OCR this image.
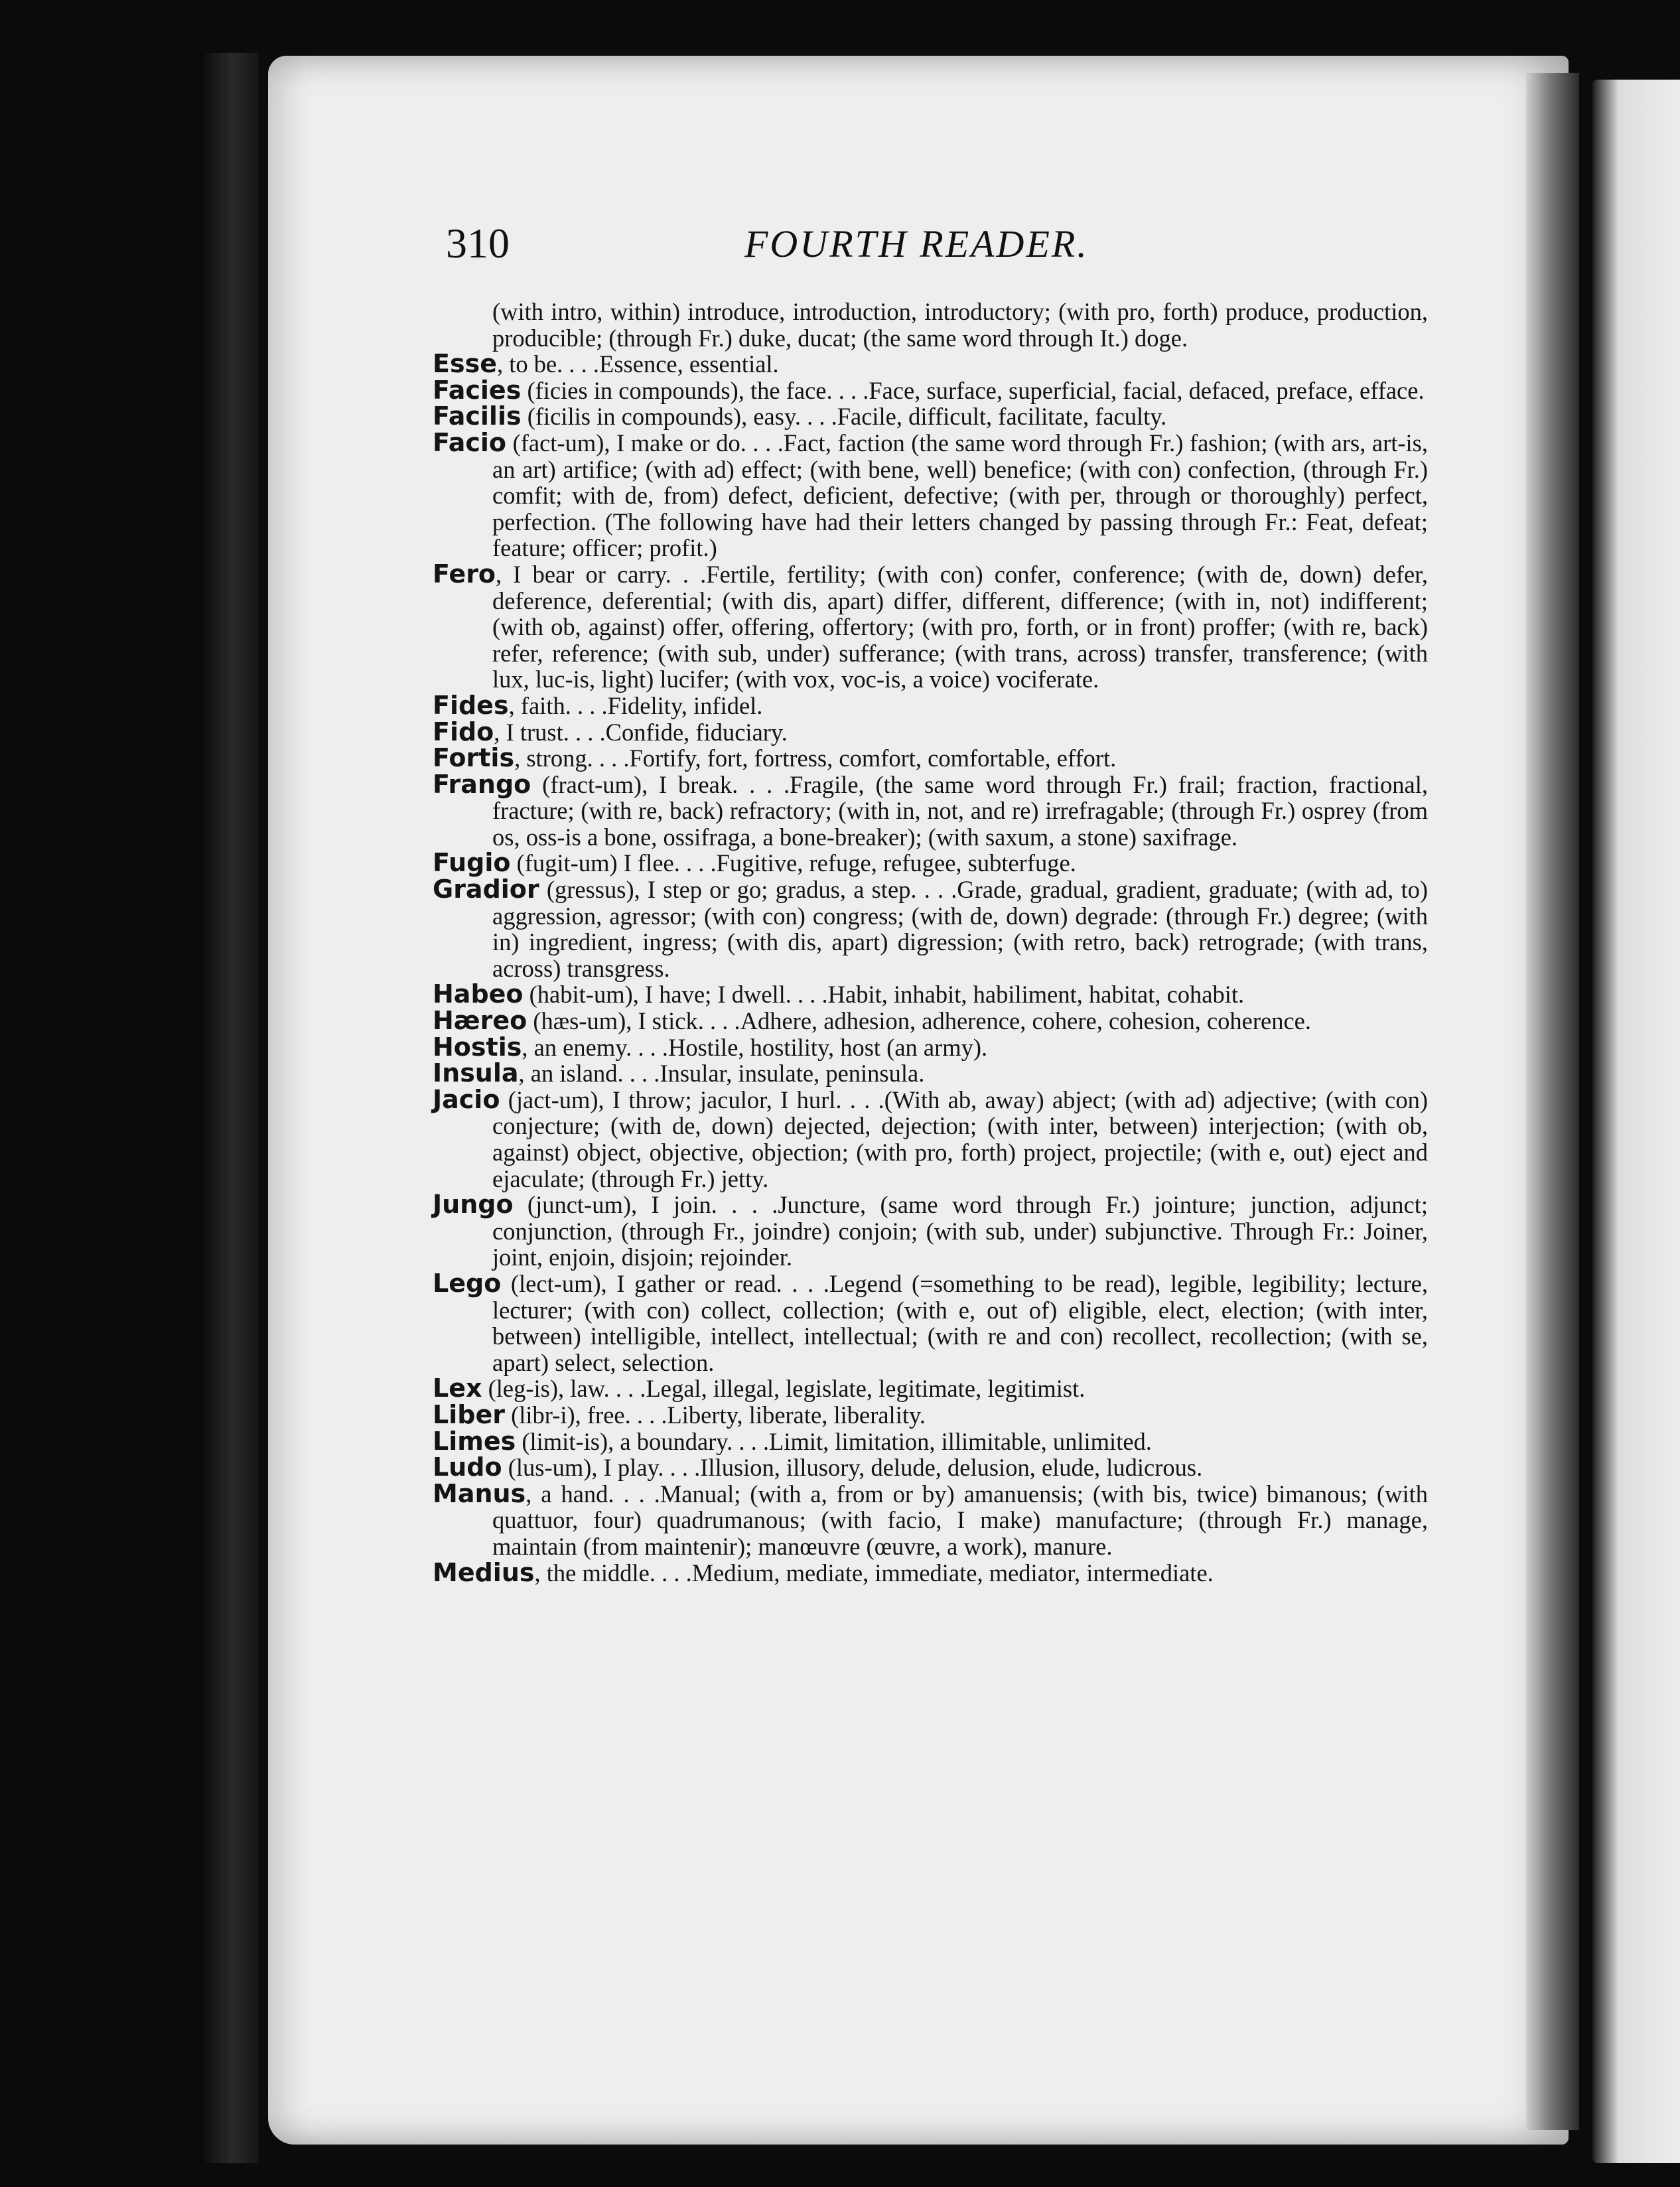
310	FOURTH READER.

(with intro, within) introduce, introduction, introductory; (with pro, forth) produce, production, producible; (through Fr.) duke, ducat; (the same word through It.) doge.

Esse, to be. . . .Essence, essential.

Facies (ficies in compounds), the face. . . .Face, surface, superficial, facial, defaced, preface, efface.

Facilis (ficilis in compounds), easy. . . .Facile, difficult, facilitate, faculty.

Facio (fact-um), I make or do. . . .Fact, faction (the same word through Fr.) fashion; (with ars, art-is, an art) artifice; (with ad) effect; (with bene, well) benefice; (with con) confection, (through Fr.) comfit; with de, from) defect, deficient, defective; (with per, through or thoroughly) perfect, perfection. (The following have had their letters changed by passing through Fr.: Feat, defeat; feature; officer; profit.)

Fero, I bear or carry. . .Fertile, fertility; (with con) confer, conference; (with de, down) defer, deference, deferential; (with dis, apart) differ, different, difference; (with in, not) indifferent; (with ob, against) offer, offering, offertory; (with pro, forth, or in front) proffer; (with re, back) refer, reference; (with sub, under) sufferance; (with trans, across) transfer, transference; (with lux, luc-is, light) lucifer; (with vox, voc-is, a voice) vociferate.

Fides, faith. . . .Fidelity, infidel.

Fido, I trust. . . .Confide, fiduciary.

Fortis, strong. . . .Fortify, fort, fortress, comfort, comfortable, effort.

Frango (fract-um), I break. . . .Fragile, (the same word through Fr.) frail; fraction, fractional, fracture; (with re, back) refractory; (with in, not, and re) irrefragable; (through Fr.) osprey (from os, oss-is a bone, ossifraga, a bone-breaker); (with saxum, a stone) saxifrage.

Fugio (fugit-um) I flee. . . .Fugitive, refuge, refugee, subterfuge.

Gradior (gressus), I step or go; gradus, a step. . . .Grade, gradual, gradient, graduate; (with ad, to) aggression, agressor; (with con) congress; (with de, down) degrade: (through Fr.) degree; (with in) ingredient, ingress; (with dis, apart) digression; (with retro, back) retrograde; (with trans, across) transgress.

Habeo (habit-um), I have; I dwell. . . .Habit, inhabit, habiliment, habitat, cohabit.

Hæreo (hæs-um), I stick. . . .Adhere, adhesion, adherence, cohere, cohesion, coherence.

Hostis, an enemy. . . .Hostile, hostility, host (an army).

Insula, an island. . . .Insular, insulate, peninsula.

Jacio (jact-um), I throw; jaculor, I hurl. . . .(With ab, away) abject; (with ad) adjective; (with con) conjecture; (with de, down) dejected, dejection; (with inter, between) interjection; (with ob, against) object, objective, objection; (with pro, forth) project, projectile; (with e, out) eject and ejaculate; (through Fr.) jetty.

Jungo (junct-um), I join. . . .Juncture, (same word through Fr.) jointure; junction, adjunct; conjunction, (through Fr., joindre) conjoin; (with sub, under) subjunctive. Through Fr.: Joiner, joint, enjoin, disjoin; rejoinder.

Lego (lect-um), I gather or read. . . .Legend (=something to be read), legible, legibility; lecture, lecturer; (with con) collect, collection; (with e, out of) eligible, elect, election; (with inter, between) intelligible, intellect, intellectual; (with re and con) recollect, recollection; (with se, apart) select, selection.

Lex (leg-is), law. . . .Legal, illegal, legislate, legitimate, legitimist.

Liber (libr-i), free. . . .Liberty, liberate, liberality.

Limes (limit-is), a boundary. . . .Limit, limitation, illimitable, unlimited.

Ludo (lus-um), I play. . . .Illusion, illusory, delude, delusion, elude, ludicrous.

Manus, a hand. . . .Manual; (with a, from or by) amanuensis; (with bis, twice) bimanous; (with quattuor, four) quadrumanous; (with facio, I make) manufacture; (through Fr.) manage, maintain (from maintenir); manœuvre (œuvre, a work), manure.

Medius, the middle. . . .Medium, mediate, immediate, mediator, intermediate.
